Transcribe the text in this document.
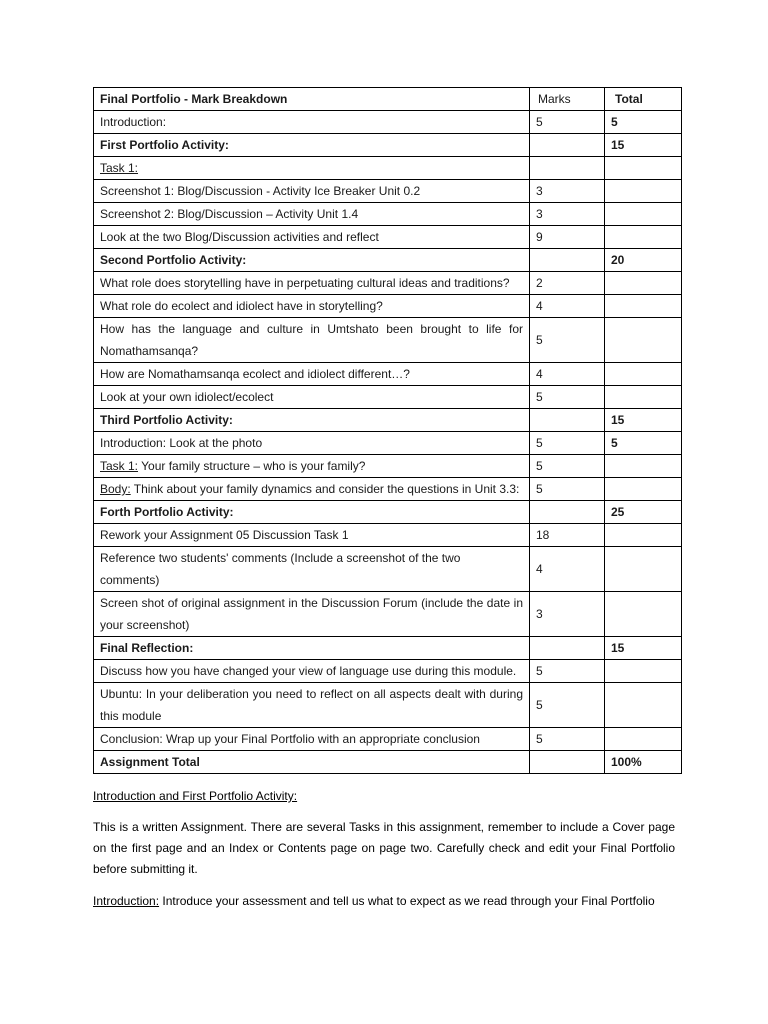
Final Portfolio - Mark Breakdown	Marks	Total
Introduction:	5	5
First Portfolio Activity:		15
Task 1:		
Screenshot 1: Blog/Discussion - Activity Ice Breaker Unit 0.2	3	
Screenshot 2: Blog/Discussion – Activity Unit 1.4	3	
Look at the two Blog/Discussion activities and reflect	9	
Second Portfolio Activity:		20
What role does storytelling have in perpetuating cultural ideas and traditions?	2	
What role do ecolect and idiolect have in storytelling?	4	
How has the language and culture in Umtshato been brought to life for Nomathamsanqa?	5	
How are Nomathamsanqa ecolect and idiolect different…?	4	
Look at your own idiolect/ecolect	5	
Third Portfolio Activity:		15
Introduction: Look at the photo	5	5
Task 1: Your family structure – who is your family?	5	
Body: Think about your family dynamics and consider the questions in Unit 3.3:	5	
Forth Portfolio Activity:		25
Rework your Assignment 05 Discussion Task 1	18	
Reference two students' comments (Include a screenshot of the two comments)	4	
Screen shot of original assignment in the Discussion Forum (include the date in your screenshot)	3	
Final Reflection:		15
Discuss how you have changed your view of language use during this module.	5	
Ubuntu: In your deliberation you need to reflect on all aspects dealt with during this module	5	
Conclusion: Wrap up your Final Portfolio with an appropriate conclusion	5	
Assignment Total		100%
Introduction and First Portfolio Activity:
This is a written Assignment. There are several Tasks in this assignment, remember to include a Cover page on the first page and an Index or Contents page on page two. Carefully check and edit your Final Portfolio before submitting it.
Introduction: Introduce your assessment and tell us what to expect as we read through your Final Portfolio
